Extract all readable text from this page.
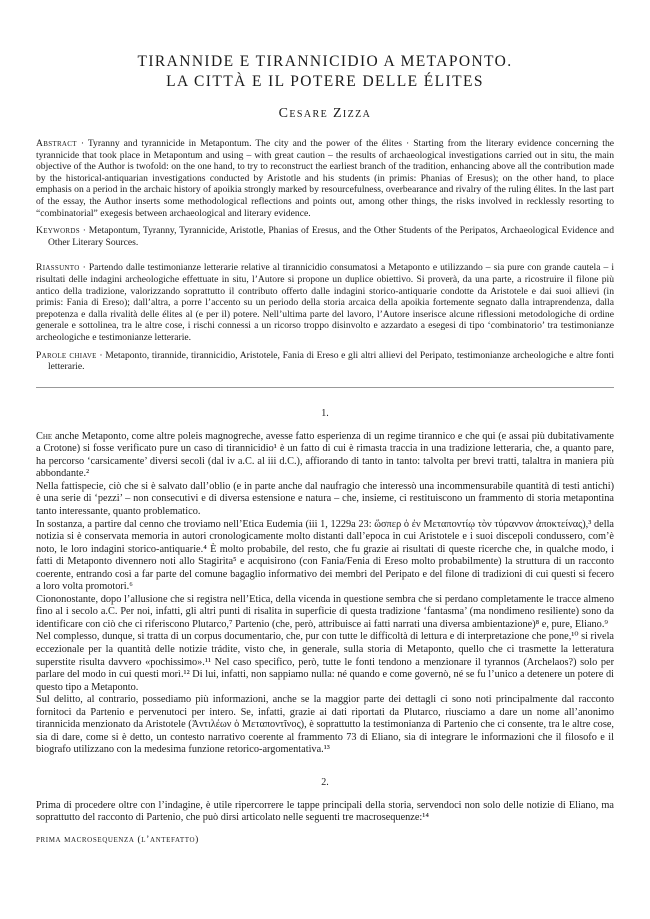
TIRANNIDE E TIRANNICIDIO A METAPONTO.
LA CITTÀ E IL POTERE DELLE ÉLITES
Cesare Zizza
Abstract · Tyranny and tyrannicide in Metapontum. The city and the power of the élites · Starting from the literary evidence concerning the tyrannicide that took place in Metapontum and using – with great caution – the results of archaeological investigations carried out in situ, the main objective of the Author is twofold: on the one hand, to try to reconstruct the earliest branch of the tradition, enhancing above all the contribution made by the historical-antiquarian investigations conducted by Aristotle and his students (in primis: Phanias of Eresus); on the other hand, to place emphasis on a period in the archaic history of apoikia strongly marked by resourcefulness, overbearance and rivalry of the ruling élites. In the last part of the essay, the Author inserts some methodological reflections and points out, among other things, the risks involved in recklessly resorting to “combinatorial” exegesis between archaeological and literary evidence.
Keywords · Metapontum, Tyranny, Tyrannicide, Aristotle, Phanias of Eresus, and the Other Students of the Peripatos, Archaeological Evidence and Other Literary Sources.
Riassunto · Partendo dalle testimonianze letterarie relative al tirannicidio consumatosi a Metaponto e utilizzando – sia pure con grande cautela – i risultati delle indagini archeologiche effettuate in situ, l’Autore si propone un duplice obiettivo. Si proverà, da una parte, a ricostruire il filone più antico della tradizione, valorizzando soprattutto il contributo offerto dalle indagini storico-antiquarie condotte da Aristotele e dai suoi allievi (in primis: Fania di Ereso); dall’altra, a porre l’accento su un periodo della storia arcaica della apoikia fortemente segnato dalla intraprendenza, dalla prepotenza e dalla rivalità delle élites al (e per il) potere. Nell’ultima parte del lavoro, l’Autore inserisce alcune riflessioni metodologiche di ordine generale e sottolinea, tra le altre cose, i rischi connessi a un ricorso troppo disinvolto e azzardato a esegesi di tipo ‘combinatorio’ tra testimonianze archeologiche e testimonianze letterarie.
Parole chiave · Metaponto, tirannide, tirannicidio, Aristotele, Fania di Ereso e gli altri allievi del Peripato, testimonianze archeologiche e altre fonti letterarie.
1.

Che anche Metaponto, come altre poleis magnogreche, avesse fatto esperienza di un regime tirannico e che qui (e assai più dubitativamente a Crotone) si fosse verificato pure un caso di tirannicidio¹ è un fatto di cui è rimasta traccia in una tradizione letteraria, che, a quanto pare, ha percorso ‘carsicamente’ diversi secoli (dal iv a.C. al iii d.C.), affiorando di tanto in tanto: talvolta per brevi tratti, talaltra in maniera più abbondante.²

Nella fattispecie, ciò che si è salvato dall’oblio (e in parte anche dal naufragio che interessò una incommensurabile quantità di testi antichi) è una serie di ‘pezzi’ – non consecutivi e di diversa estensione e natura – che, insieme, ci restituiscono un frammento di storia metapontina tanto interessante, quanto problematico.

In sostanza, a partire dal cenno che troviamo nell’Etica Eudemia (iii 1, 1229a 23: ὥσπερ ὁ ἐν Μεταποντίῳ τὸν τύραννον ἀποκτείνας),³ della notizia si è conservata memoria in autori cronologicamente molto distanti dall’epoca in cui Aristotele e i suoi discepoli condussero, com’è noto, le loro indagini storico-antiquarie.⁴ È molto probabile, del resto, che fu grazie ai risultati di queste ricerche che, in qualche modo, i fatti di Metaponto divennero noti allo Stagirita⁵ e acquisirono (con Fania/Fenia di Ereso molto probabilmente) la struttura di un racconto coerente, entrando così a far parte del comune bagaglio informativo dei membri del Peripato e del filone di tradizioni di cui questi si fecero a loro volta promotori.⁶

Ciononostante, dopo l’allusione che si registra nell’Etica, della vicenda in questione sembra che si perdano completamente le tracce almeno fino al i secolo a.C. Per noi, infatti, gli altri punti di risalita in superficie di questa tradizione ‘fantasma’ (ma nondimeno resiliente) sono da identificare con ciò che ci riferiscono Plutarco,⁷ Partenio (che, però, attribuisce ai fatti narrati una diversa ambientazione)⁸ e, pure, Eliano.⁹

Nel complesso, dunque, si tratta di un corpus documentario, che, pur con tutte le difficoltà di lettura e di interpretazione che pone,¹⁰ si rivela eccezionale per la quantità delle notizie trádite, visto che, in generale, sulla storia di Metaponto, quello che ci trasmette la letteratura superstite risulta davvero «pochissimo».¹¹ Nel caso specifico, però, tutte le fonti tendono a menzionare il tyrannos (Archelaos?) solo per parlare del modo in cui questi morì.¹² Di lui, infatti, non sappiamo nulla: né quando e come governò, né se fu l’unico a detenere un potere di questo tipo a Metaponto.

Sul delitto, al contrario, possediamo più informazioni, anche se la maggior parte dei dettagli ci sono noti principalmente dal racconto fornitoci da Partenio e pervenutoci per intero. Se, infatti, grazie ai dati riportati da Plutarco, riusciamo a dare un nome all’anonimo tirannicida menzionato da Aristotele (Ἀντιλέων ὁ Μεταποντῖνος), è soprattutto la testimonianza di Partenio che ci consente, tra le altre cose, sia di dare, come si è detto, un contesto narrativo coerente al frammento 73 di Eliano, sia di integrare le informazioni che il filosofo e il biografo utilizzano con la medesima funzione retorico-argomentativa.¹³

2.

Prima di procedere oltre con l’indagine, è utile ripercorrere le tappe principali della storia, servendoci non solo delle notizie di Eliano, ma soprattutto del racconto di Partenio, che può dirsi articolato nelle seguenti tre macrosequenze:¹⁴

prima macrosequenza (l’antefatto)
